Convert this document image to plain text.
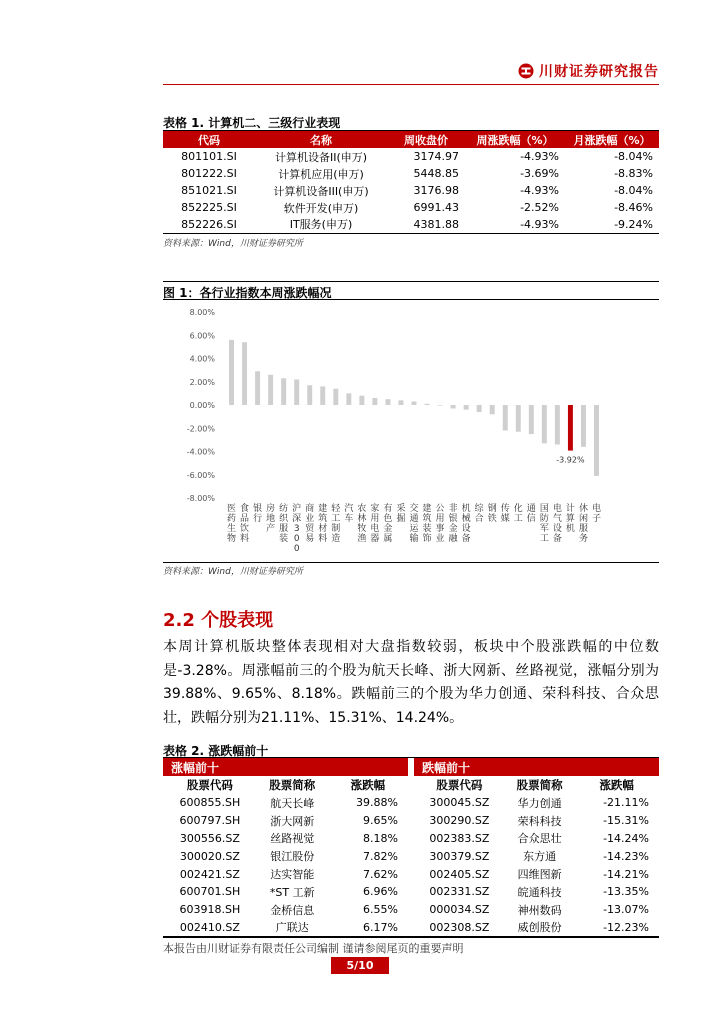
川财证券研究报告
表格 1. 计算机二、三级行业表现
代码	名称	周收盘价	周涨跌幅（%）	月涨跌幅（%）
801101.SI	计算机设备II(申万)	3174.97	-4.93%	-8.04%
801222.SI	计算机应用(申万)	5448.85	-3.69%	-8.83%
851021.SI	计算机设备III(申万)	3176.98	-4.93%	-8.04%
852225.SI	软件开发(申万)	6991.43	-2.52%	-8.46%
852226.SI	IT服务(申万)	4381.88	-4.93%	-9.24%
资料来源：Wind，川财证券研究所
图 1：各行业指数本周涨跌幅况
8.00%
6.00%
4.00%
2.00%
0.00%
-2.00%
-4.00%
-6.00%
-8.00%
医药生物
食品饮料
银行
房地产
纺织服装
沪深 3 0 0
商业贸易
建筑材料
轻工制造
汽车
农林牧渔
家用电器
有色金属
采掘
交通运输
建筑装饰
公用事业
非银金融
机械设备
综合
钢铁
传媒
化工
通信
国防军工
电气设备
计算机
-3.92%
休闲服务
电子
资料来源：Wind，川财证券研究所
2.2 个股表现
本周计算机版块整体表现相对大盘指数较弱，板块中个股涨跌幅的中位数是-3.28%。周涨幅前三的个股为航天长峰、浙大网新、丝路视觉，涨幅分别为39.88%、9.65%、8.18%。跌幅前三的个股为华力创通、荣科科技、合众思壮，跌幅分别为21.11%、15.31%、14.24%。
表格 2. 涨跌幅前十
涨幅前十		
股票代码	股票简称	涨跌幅
600855.SH	航天长峰	39.88%
600797.SH	浙大网新	9.65%
300556.SZ	丝路视觉	8.18%
300020.SZ	银江股份	7.82%
002421.SZ	达实智能	7.62%
600701.SH	*ST 工新	6.96%
603918.SH	金桥信息	6.55%
002410.SZ	广联达	6.17%
跌幅前十		
股票代码	股票简称	涨跌幅
300045.SZ	华力创通	-21.11%
300290.SZ	荣科科技	-15.31%
002383.SZ	合众思壮	-14.24%
300379.SZ	东方通	-14.23%
002405.SZ	四维图新	-14.21%
002331.SZ	皖通科技	-13.35%
000034.SZ	神州数码	-13.07%
002308.SZ	威创股份	-12.23%
本报告由川财证券有限责任公司编制 谨请参阅尾页的重要声明
5/10
